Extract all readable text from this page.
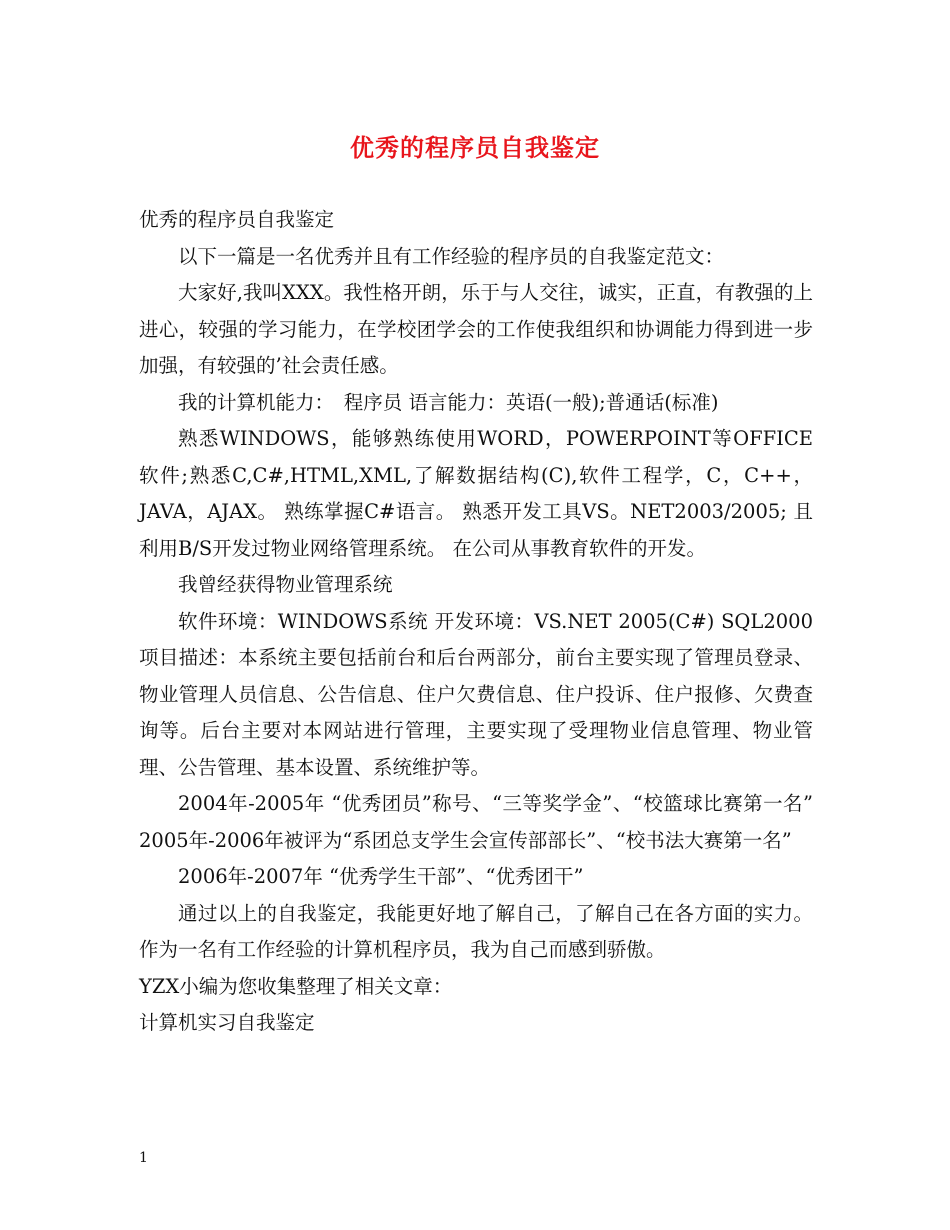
优秀的程序员自我鉴定

优秀的程序员自我鉴定

以下一篇是一名优秀并且有工作经验的程序员的自我鉴定范文：

大家好,我叫XXX。我性格开朗，乐于与人交往，诚实，正直，有教强的上进心，较强的学习能力，在学校团学会的工作使我组织和协调能力得到进一步加强，有较强的’社会责任感。

我的计算机能力：　程序员 语言能力：英语(一般);普通话(标准)

熟悉WINDOWS，能够熟练使用WORD，POWERPOINT等OFFICE软件;熟悉C,C#,HTML,XML,了解数据结构(C),软件工程学，C，C++，JAVA，AJAX。 熟练掌握C#语言。 熟悉开发工具VS。NET2003/2005; 且利用B/S开发过物业网络管理系统。 在公司从事教育软件的开发。

我曾经获得物业管理系统

软件环境：WINDOWS系统 开发环境：VS.NET 2005(C#) SQL2000 项目描述：本系统主要包括前台和后台两部分，前台主要实现了管理员登录、物业管理人员信息、公告信息、住户欠费信息、住户投诉、住户报修、欠费查询等。后台主要对本网站进行管理，主要实现了受理物业信息管理、物业管理、公告管理、基本设置、系统维护等。

2004年-2005年 “优秀团员”称号、“三等奖学金”、“校篮球比赛第一名” 2005年-2006年被评为“系团总支学生会宣传部部长”、“校书法大赛第一名”

2006年-2007年 “优秀学生干部”、“优秀团干”

通过以上的自我鉴定，我能更好地了解自己，了解自己在各方面的实力。作为一名有工作经验的计算机程序员，我为自己而感到骄傲。

YZX小编为您收集整理了相关文章：

计算机实习自我鉴定

1
